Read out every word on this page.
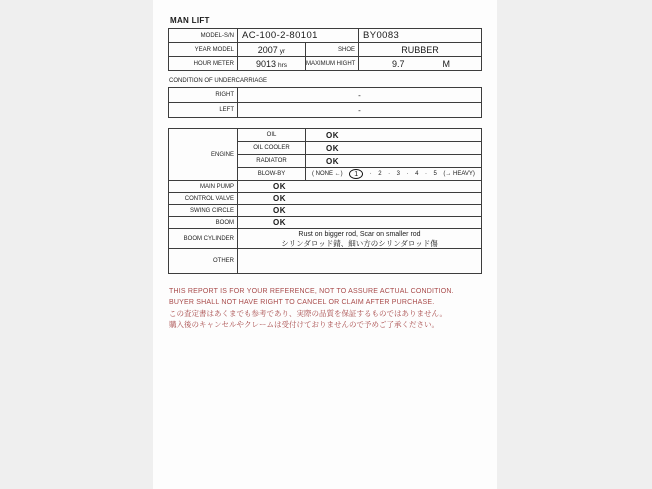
MAN LIFT
MODEL-S/N	AC-100-2-80101		BY0083
YEAR MODEL	2007 yr	SHOE	RUBBER
HOUR METER	9013 hrs	MAXIMUM HIGHT	9.7 M
CONDITION OF UNDERCARRIAGE
RIGHT	-
LEFT	-
ENGINE	OIL	OK
	OIL COOLER	OK
	RADIATOR	OK
BLOW-BY	( NONE ←)	1	· 2 · 3 · 4 · 5 (→ HEAVY)

MAIN PUMP	OK	
CONTROL VALVE	OK	
SWING CIRCLE	OK	
BOOM	OK	
BOOM CYLINDER	Rust on bigger rod, Scar on smaller rod
シリンダロッド錆、細い方のシリンダロッド傷	

OTHER		
THIS REPORT IS FOR YOUR REFERENCE, NOT TO ASSURE ACTUAL CONDITION.
BUYER SHALL NOT HAVE RIGHT TO CANCEL OR CLAIM AFTER PURCHASE.
この査定書はあくまでも参考であり、実際の品質を保証するものではありません。
購入後のキャンセルやクレームは受付けておりませんので予めご了承ください。
